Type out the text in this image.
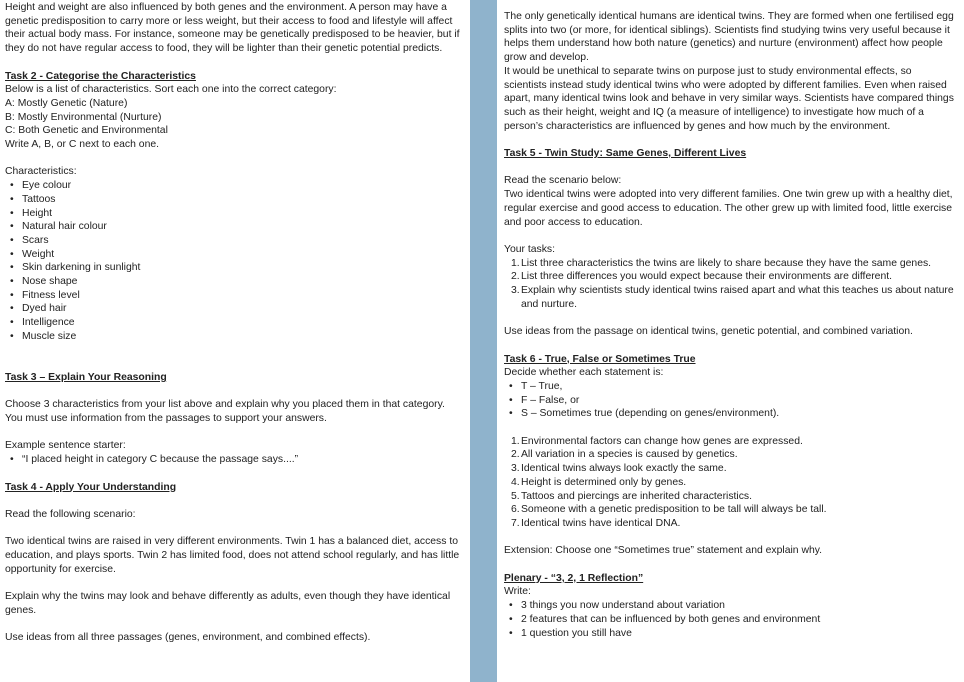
Height and weight are also influenced by both genes and the environment. A person may have a genetic predisposition to carry more or less weight, but their access to food and lifestyle will affect their actual body mass. For instance, someone may be genetically predisposed to be heavier, but if they do not have regular access to food, they will be lighter than their genetic potential predicts.

Task 2 - Categorise the Characteristics

Below is a list of characteristics. Sort each one into the correct category:

A: Mostly Genetic (Nature)

B: Mostly Environmental (Nurture)

C: Both Genetic and Environmental

Write A, B, or C next to each one.

Characteristics:

• Eye colour
• Tattoos
• Height
• Natural hair colour
• Scars
• Weight
• Skin darkening in sunlight
• Nose shape
• Fitness level
• Dyed hair
• Intelligence
• Muscle size

Task 3 – Explain Your Reasoning

Choose 3 characteristics from your list above and explain why you placed them in that category. You must use information from the passages to support your answers.

Example sentence starter:

• “I placed height in category C because the passage says....”

Task 4 - Apply Your Understanding

Read the following scenario:

Two identical twins are raised in very different environments. Twin 1 has a balanced diet, access to education, and plays sports. Twin 2 has limited food, does not attend school regularly, and has little opportunity for exercise.

Explain why the twins may look and behave differently as adults, even though they have identical genes.

Use ideas from all three passages (genes, environment, and combined effects).

The only genetically identical humans are identical twins. They are formed when one fertilised egg splits into two (or more, for identical siblings). Scientists find studying twins very useful because it helps them understand how both nature (genetics) and nurture (environment) affect how people grow and develop.

It would be unethical to separate twins on purpose just to study environmental effects, so scientists instead study identical twins who were adopted by different families. Even when raised apart, many identical twins look and behave in very similar ways. Scientists have compared things such as their height, weight and IQ (a measure of intelligence) to investigate how much of a person’s characteristics are influenced by genes and how much by the environment.

Task 5 - Twin Study: Same Genes, Different Lives

Read the scenario below:

Two identical twins were adopted into very different families. One twin grew up with a healthy diet, regular exercise and good access to education. The other grew up with limited food, little exercise and poor access to education.

Your tasks:

1. List three characteristics the twins are likely to share because they have the same genes.
2. List three differences you would expect because their environments are different.
3. Explain why scientists study identical twins raised apart and what this teaches us about nature and nurture.

Use ideas from the passage on identical twins, genetic potential, and combined variation.

Task 6 - True, False or Sometimes True

Decide whether each statement is:

• T – True,
• F – False, or
• S – Sometimes true (depending on genes/environment).
1. Environmental factors can change how genes are expressed.
2. All variation in a species is caused by genetics.
3. Identical twins always look exactly the same.
4. Height is determined only by genes.
5. Tattoos and piercings are inherited characteristics.
6. Someone with a genetic predisposition to be tall will always be tall.
7. Identical twins have identical DNA.

Extension: Choose one “Sometimes true” statement and explain why.

Plenary - “3, 2, 1 Reflection”

Write:

• 3 things you now understand about variation
• 2 features that can be influenced by both genes and environment
• 1 question you still have
